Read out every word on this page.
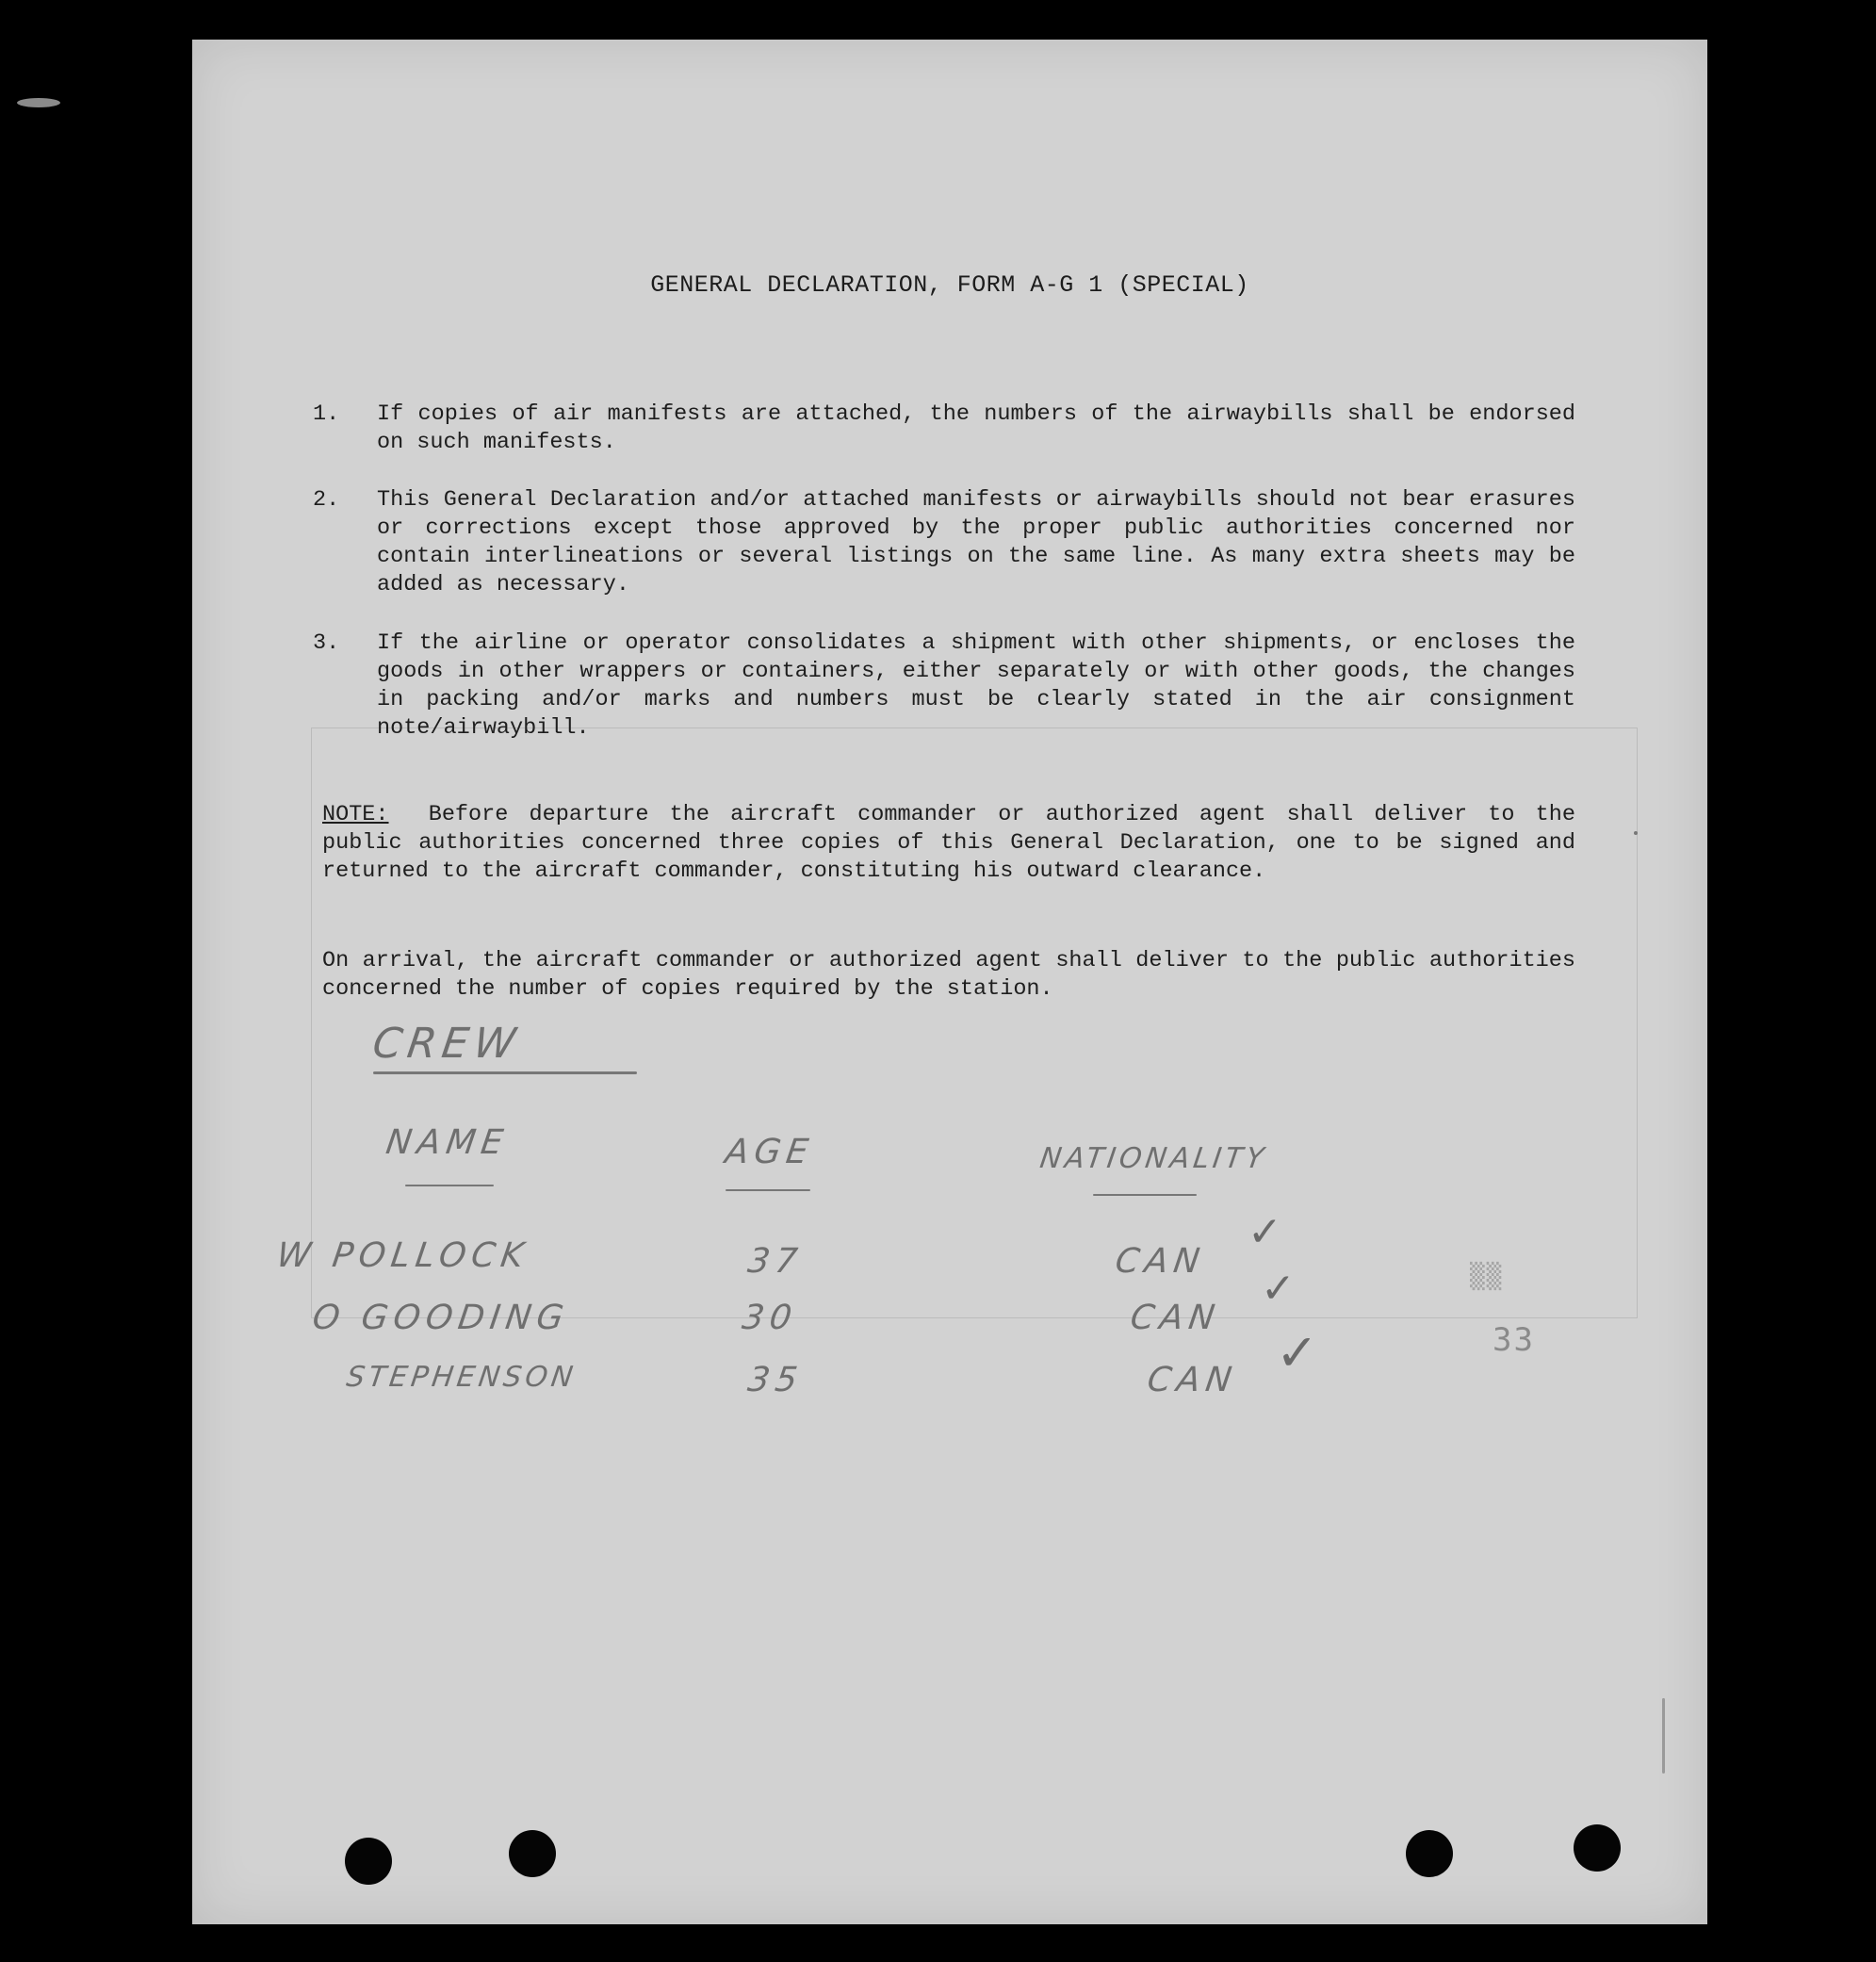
GENERAL DECLARATION, FORM A-G 1 (SPECIAL)
1.	If copies of air manifests are attached, the numbers of the airwaybills shall be endorsed on such manifests.
2.	This General Declaration and/or attached manifests or airwaybills should not bear erasures or corrections except those approved by the proper public authorities concerned nor contain interlineations or several listings on the same line. As many extra sheets may be added as necessary.
3.	If the airline or operator consolidates a shipment with other shipments, or encloses the goods in other wrappers or containers, either separately or with other goods, the changes in packing and/or marks and numbers must be clearly stated in the air consignment note/airwaybill.
NOTE: Before departure the aircraft commander or authorized agent shall deliver to the public authorities concerned three copies of this General Declaration, one to be signed and returned to the aircraft commander, constituting his outward clearance.
On arrival, the aircraft commander or authorized agent shall deliver to the public authorities concerned the number of copies required by the station.
CREW
NAME	AGE	NATIONALITY
W POLLOCK	37	CAN
✓
O GOODING	30	CAN
✓
STEPHENSON	35	CAN ✓	33
▒▒
